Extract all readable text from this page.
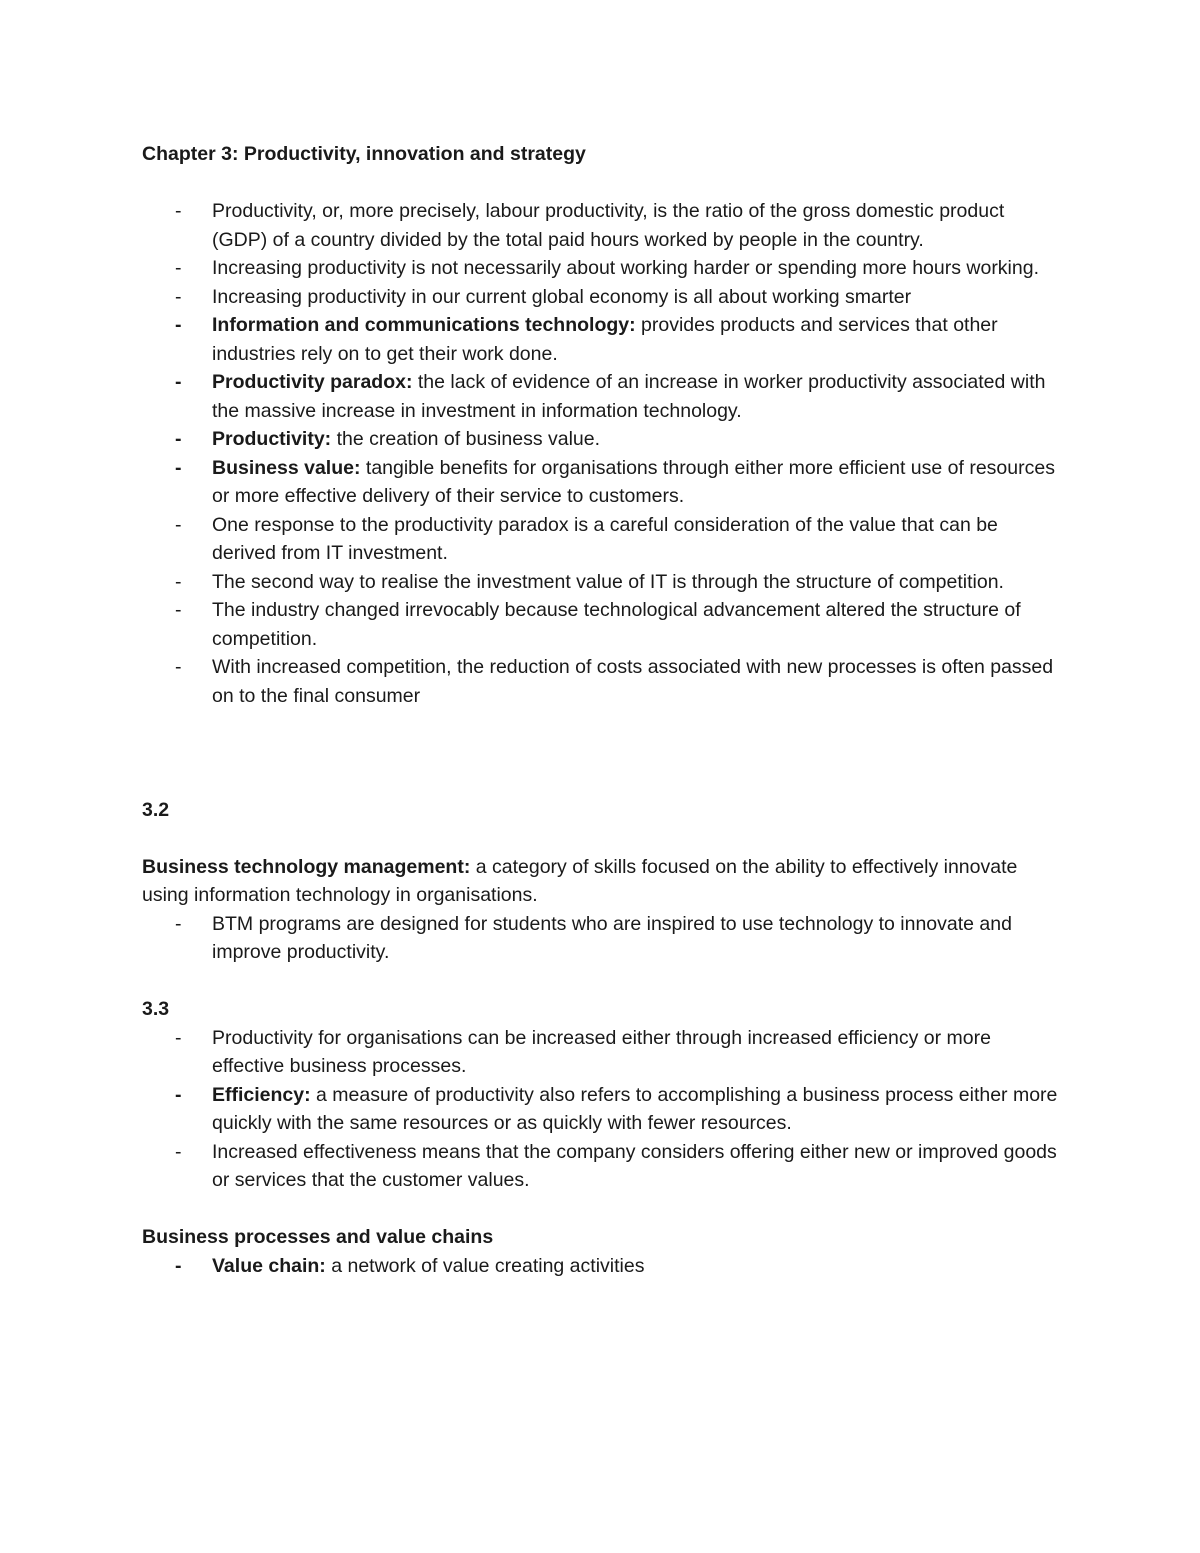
Chapter 3: Productivity, innovation and strategy

- Productivity, or, more precisely, labour productivity, is the ratio of the gross domestic product (GDP) of a country divided by the total paid hours worked by people in the country.
- Increasing productivity is not necessarily about working harder or spending more hours working.
- Increasing productivity in our current global economy is all about working smarter
- Information and communications technology: provides products and services that other industries rely on to get their work done.
- Productivity paradox: the lack of evidence of an increase in worker productivity associated with the massive increase in investment in information technology.
- Productivity: the creation of business value.
- Business value: tangible benefits for organisations through either more efficient use of resources or more effective delivery of their service to customers.
- One response to the productivity paradox is a careful consideration of the value that can be derived from IT investment.
- The second way to realise the investment value of IT is through the structure of competition.
- The industry changed irrevocably because technological advancement altered the structure of competition.
- With increased competition, the reduction of costs associated with new processes is often passed on to the final consumer

3.2

Business technology management: a category of skills focused on the ability to effectively innovate using information technology in organisations.

- BTM programs are designed for students who are inspired to use technology to innovate and improve productivity.

3.3

- Productivity for organisations can be increased either through increased efficiency or more effective business processes.
- Efficiency: a measure of productivity also refers to accomplishing a business process either more quickly with the same resources or as quickly with fewer resources.
- Increased effectiveness means that the company considers offering either new or improved goods or services that the customer values.

Business processes and value chains

- Value chain: a network of value creating activities
